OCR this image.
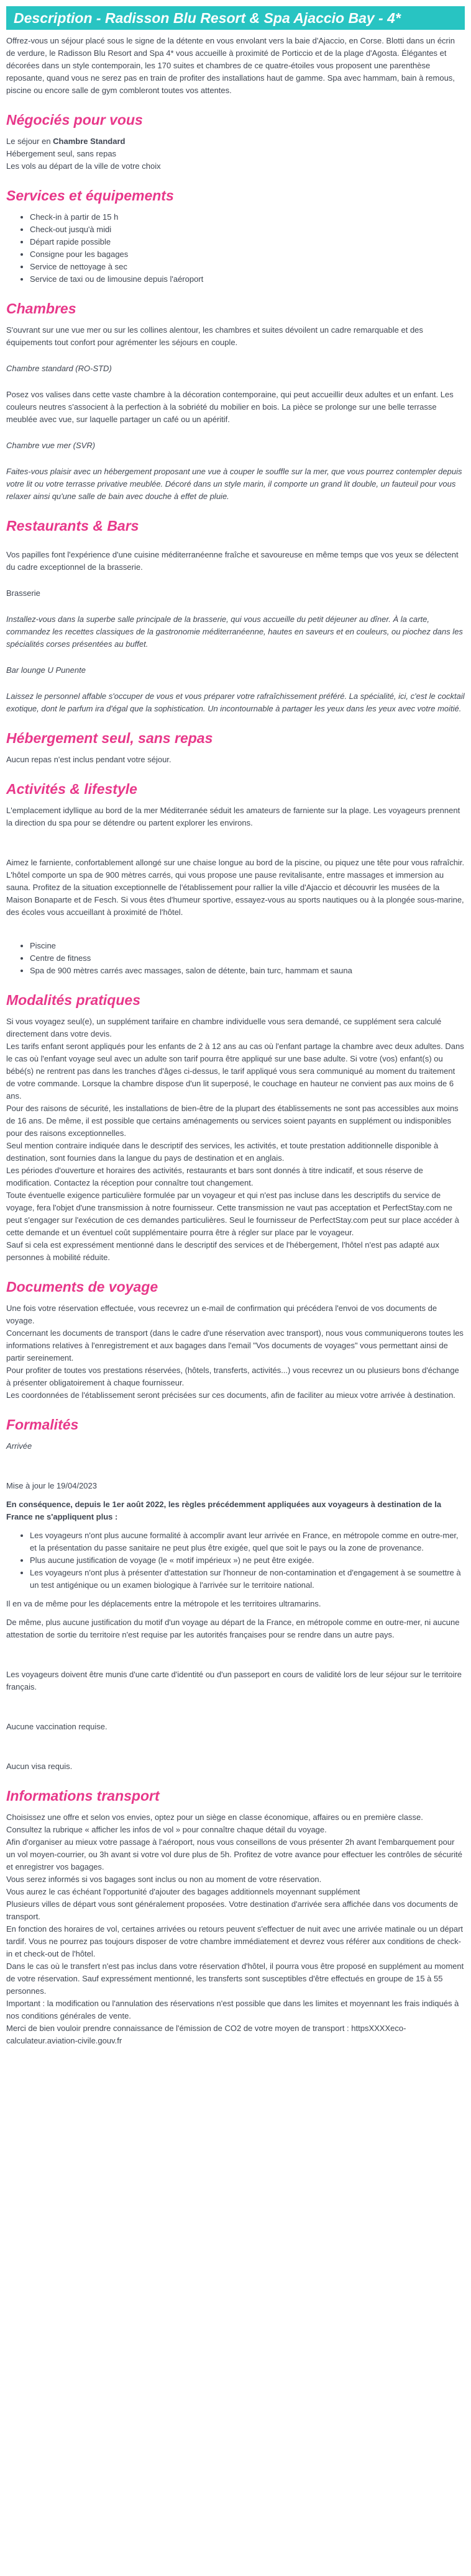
Description - Radisson Blu Resort & Spa Ajaccio Bay - 4*

Offrez-vous un séjour placé sous le signe de la détente en vous envolant vers la baie d'Ajaccio, en Corse. Blotti dans un écrin de verdure, le Radisson Blu Resort and Spa 4* vous accueille à proximité de Porticcio et de la plage d'Agosta. Élégantes et décorées dans un style contemporain, les 170 suites et chambres de ce quatre-étoiles vous proposent une parenthèse reposante, quand vous ne serez pas en train de profiter des installations haut de gamme. Spa avec hammam, bain à remous, piscine ou encore salle de gym combleront toutes vos attentes.

Négociés pour vous

Le séjour en Chambre Standard

Hébergement seul, sans repas

Les vols au départ de la ville de votre choix

Services et équipements
• Check-in à partir de 15 h
• Check-out jusqu'à midi
• Départ rapide possible
• Consigne pour les bagages
• Service de nettoyage à sec
• Service de taxi ou de limousine depuis l'aéroport
Chambres

S'ouvrant sur une vue mer ou sur les collines alentour, les chambres et suites dévoilent un cadre remarquable et des équipements tout confort pour agrémenter les séjours en couple.

Chambre standard (RO-STD)

Posez vos valises dans cette vaste chambre à la décoration contemporaine, qui peut accueillir deux adultes et un enfant. Les couleurs neutres s'associent à la perfection à la sobriété du mobilier en bois. La pièce se prolonge sur une belle terrasse meublée avec vue, sur laquelle partager un café ou un apéritif.

Chambre vue mer (SVR)

Faites-vous plaisir avec un hébergement proposant une vue à couper le souffle sur la mer, que vous pourrez contempler depuis votre lit ou votre terrasse privative meublée. Décoré dans un style marin, il comporte un grand lit double, un fauteuil pour vous relaxer ainsi qu'une salle de bain avec douche à effet de pluie.

Restaurants & Bars

Vos papilles font l'expérience d'une cuisine méditerranéenne fraîche et savoureuse en même temps que vos yeux se délectent du cadre exceptionnel de la brasserie.

Brasserie

Installez-vous dans la superbe salle principale de la brasserie, qui vous accueille du petit déjeuner au dîner. À la carte, commandez les recettes classiques de la gastronomie méditerranéenne, hautes en saveurs et en couleurs, ou piochez dans les spécialités corses présentées au buffet.

Bar lounge U Punente

Laissez le personnel affable s'occuper de vous et vous préparer votre rafraîchissement préféré. La spécialité, ici, c'est le cocktail exotique, dont le parfum ira d'égal que la sophistication. Un incontournable à partager les yeux dans les yeux avec votre moitié.

Hébergement seul, sans repas

Aucun repas n'est inclus pendant votre séjour.

Activités & lifestyle

L'emplacement idyllique au bord de la mer Méditerranée séduit les amateurs de farniente sur la plage. Les voyageurs prennent la direction du spa pour se détendre ou partent explorer les environs.

Aimez le farniente, confortablement allongé sur une chaise longue au bord de la piscine, ou piquez une tête pour vous rafraîchir. L'hôtel comporte un spa de 900 mètres carrés, qui vous propose une pause revitalisante, entre massages et immersion au sauna. Profitez de la situation exceptionnelle de l'établissement pour rallier la ville d'Ajaccio et découvrir les musées de la Maison Bonaparte et de Fesch. Si vous êtes d'humeur sportive, essayez-vous au sports nautiques ou à la plongée sous-marine, des écoles vous accueillant à proximité de l'hôtel.

• Piscine
• Centre de fitness
• Spa de 900 mètres carrés avec massages, salon de détente, bain turc, hammam et sauna
Modalités pratiques

Si vous voyagez seul(e), un supplément tarifaire en chambre individuelle vous sera demandé, ce supplément sera calculé directement dans votre devis.

Les tarifs enfant seront appliqués pour les enfants de 2 à 12 ans au cas où l'enfant partage la chambre avec deux adultes. Dans le cas où l'enfant voyage seul avec un adulte son tarif pourra être appliqué sur une base adulte. Si votre (vos) enfant(s) ou bébé(s) ne rentrent pas dans les tranches d'âges ci-dessus, le tarif appliqué vous sera communiqué au moment du traitement de votre commande. Lorsque la chambre dispose d'un lit superposé, le couchage en hauteur ne convient pas aux moins de 6 ans.

Pour des raisons de sécurité, les installations de bien-être de la plupart des établissements ne sont pas accessibles aux moins de 16 ans. De même, il est possible que certains aménagements ou services soient payants en supplément ou indisponibles pour des raisons exceptionnelles.

Seul mention contraire indiquée dans le descriptif des services, les activités, et toute prestation additionnelle disponible à destination, sont fournies dans la langue du pays de destination et en anglais.

Les périodes d'ouverture et horaires des activités, restaurants et bars sont donnés à titre indicatif, et sous réserve de modification. Contactez la réception pour connaître tout changement.

Toute éventuelle exigence particulière formulée par un voyageur et qui n'est pas incluse dans les descriptifs du service de voyage, fera l'objet d'une transmission à notre fournisseur. Cette transmission ne vaut pas acceptation et PerfectStay.com ne peut s'engager sur l'exécution de ces demandes particulières. Seul le fournisseur de PerfectStay.com peut sur place accéder à cette demande et un éventuel coût supplémentaire pourra être à régler sur place par le voyageur.

Sauf si cela est expressément mentionné dans le descriptif des services et de l'hébergement, l'hôtel n'est pas adapté aux personnes à mobilité réduite.

Documents de voyage

Une fois votre réservation effectuée, vous recevrez un e-mail de confirmation qui précédera l'envoi de vos documents de voyage.

Concernant les documents de transport (dans le cadre d'une réservation avec transport), nous vous communiquerons toutes les informations relatives à l'enregistrement et aux bagages dans l'email "Vos documents de voyages" vous permettant ainsi de partir sereinement.

Pour profiter de toutes vos prestations réservées, (hôtels, transferts, activités...) vous recevrez un ou plusieurs bons d'échange à présenter obligatoirement à chaque fournisseur.

Les coordonnées de l'établissement seront précisées sur ces documents, afin de faciliter au mieux votre arrivée à destination.

Formalités

Arrivée

Mise à jour le 19/04/2023

En conséquence, depuis le 1er août 2022, les règles précédemment appliquées aux voyageurs à destination de la France ne s'appliquent plus :

• Les voyageurs n'ont plus aucune formalité à accomplir avant leur arrivée en France, en métropole comme en outre-mer, et la présentation du passe sanitaire ne peut plus être exigée, quel que soit le pays ou la zone de provenance.
• Plus aucune justification de voyage (le « motif impérieux ») ne peut être exigée.
• Les voyageurs n'ont plus à présenter d'attestation sur l'honneur de non-contamination et d'engagement à se soumettre à un test antigénique ou un examen biologique à l'arrivée sur le territoire national.

Il en va de même pour les déplacements entre la métropole et les territoires ultramarins.

De même, plus aucune justification du motif d'un voyage au départ de la France, en métropole comme en outre-mer, ni aucune attestation de sortie du territoire n'est requise par les autorités françaises pour se rendre dans un autre pays.

Les voyageurs doivent être munis d'une carte d'identité ou d'un passeport en cours de validité lors de leur séjour sur le territoire français.

Aucune vaccination requise.

Aucun visa requis.

Informations transport

Choisissez une offre et selon vos envies, optez pour un siège en classe économique, affaires ou en première classe.

Consultez la rubrique « afficher les infos de vol » pour connaître chaque détail du voyage.

Afin d'organiser au mieux votre passage à l'aéroport, nous vous conseillons de vous présenter 2h avant l'embarquement pour un vol moyen-courrier, ou 3h avant si votre vol dure plus de 5h. Profitez de votre avance pour effectuer les contrôles de sécurité et enregistrer vos bagages.

Vous serez informés si vos bagages sont inclus ou non au moment de votre réservation.

Vous aurez le cas échéant l'opportunité d'ajouter des bagages additionnels moyennant supplément

Plusieurs villes de départ vous sont généralement proposées. Votre destination d'arrivée sera affichée dans vos documents de transport.

En fonction des horaires de vol, certaines arrivées ou retours peuvent s'effectuer de nuit avec une arrivée matinale ou un départ tardif. Vous ne pourrez pas toujours disposer de votre chambre immédiatement et devrez vous référer aux conditions de check-in et check-out de l'hôtel.

Dans le cas où le transfert n'est pas inclus dans votre réservation d'hôtel, il pourra vous être proposé en supplément au moment de votre réservation. Sauf expressément mentionné, les transferts sont susceptibles d'être effectués en groupe de 15 à 55 personnes.

Important : la modification ou l'annulation des réservations n'est possible que dans les limites et moyennant les frais indiqués à nos conditions générales de vente.

Merci de bien vouloir prendre connaissance de l'émission de CO2 de votre moyen de transport : httpsXXXXeco-calculateur.aviation-civile.gouv.fr
